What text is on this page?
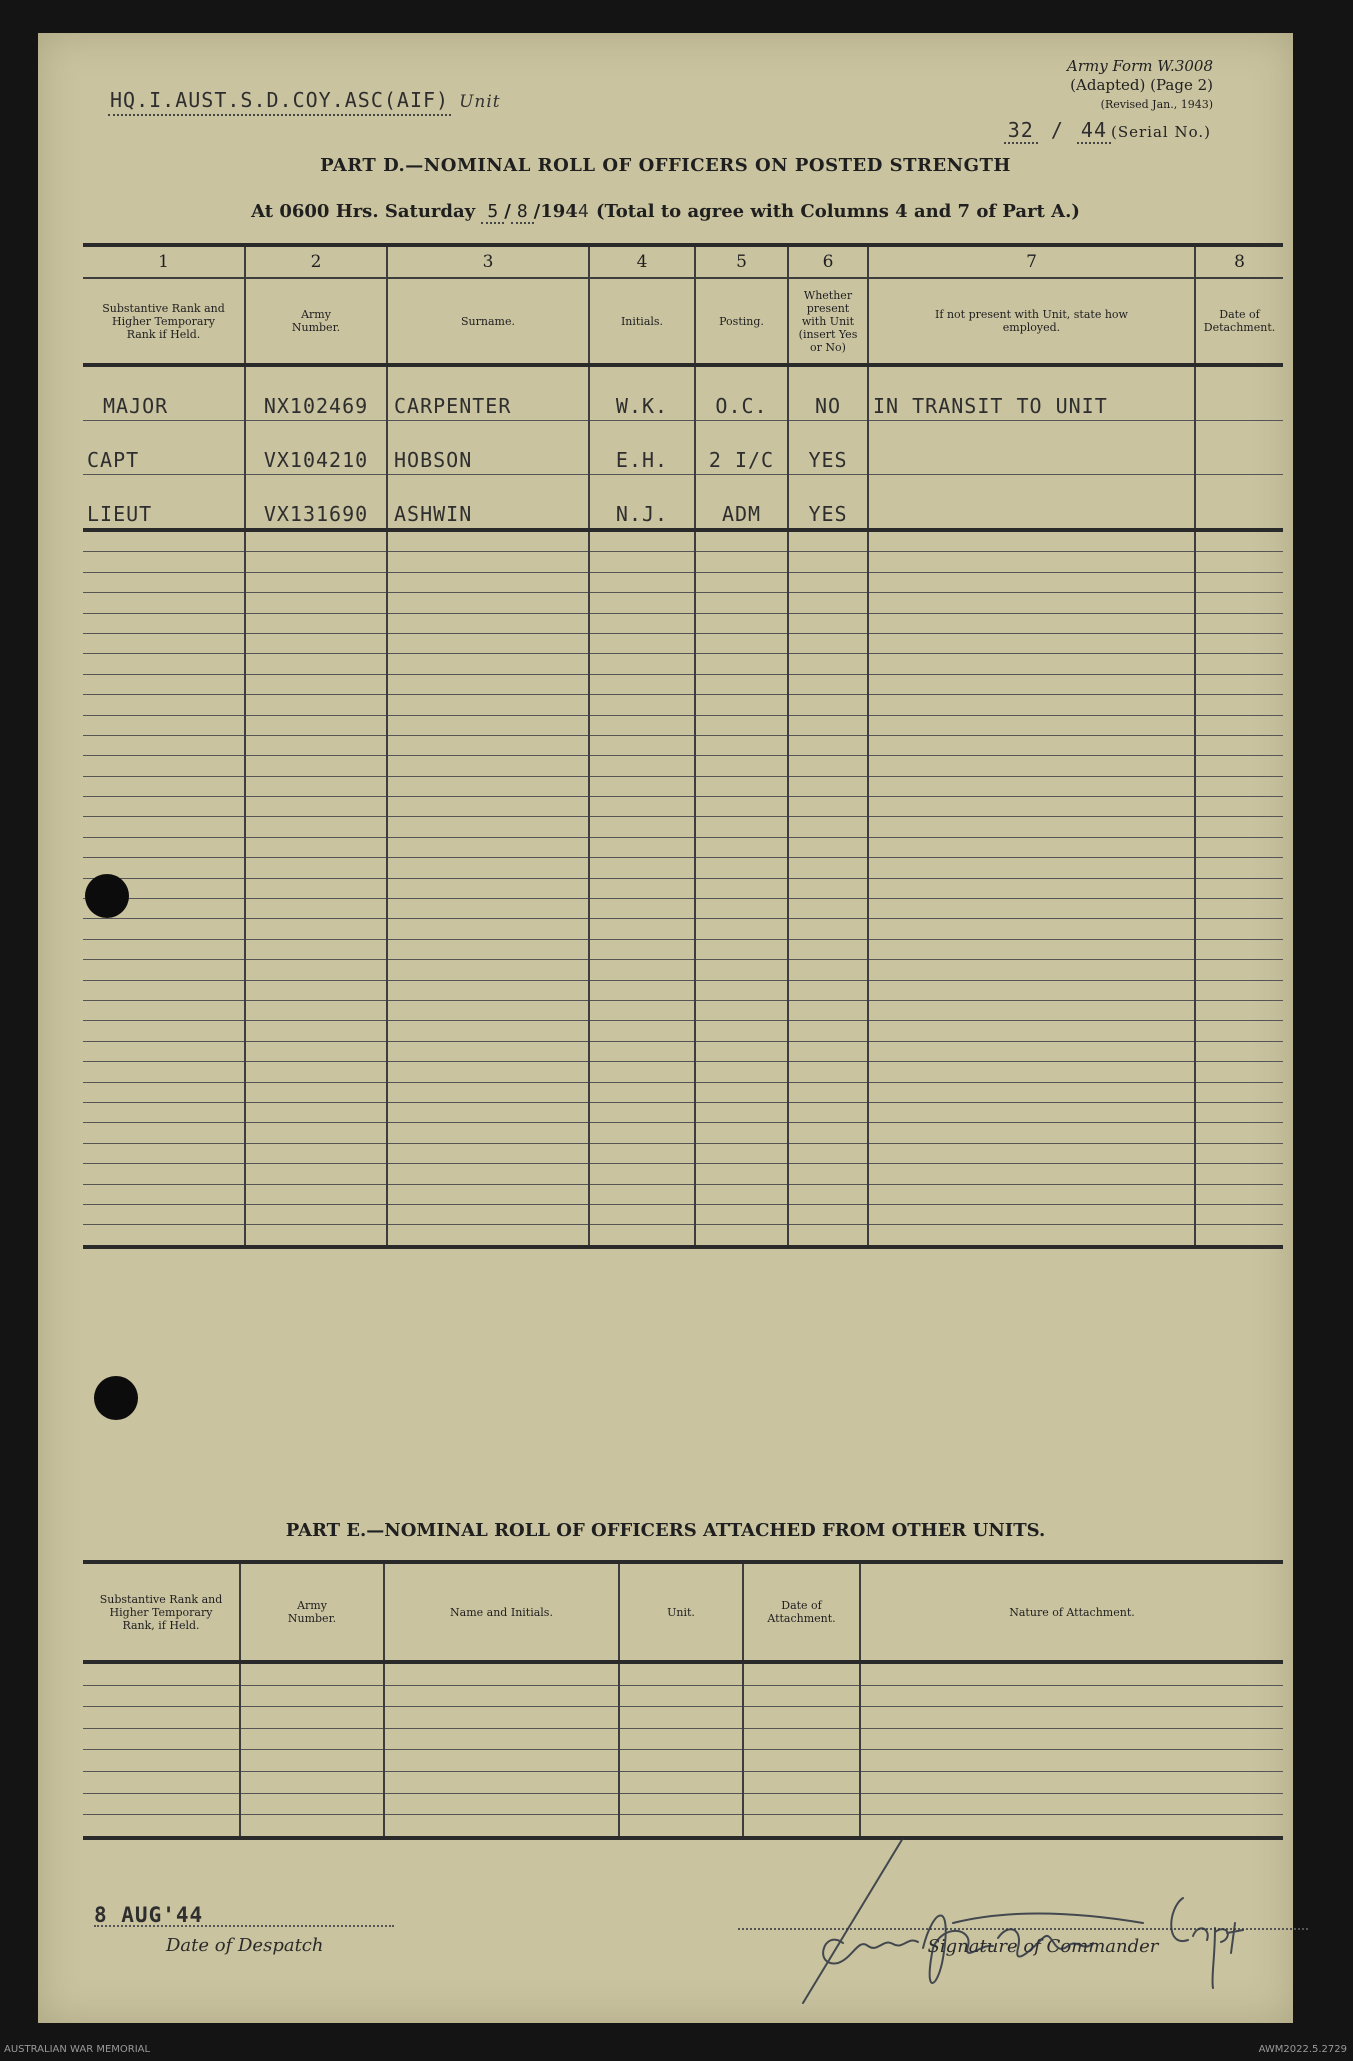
Army Form W.3008
(Adapted) (Page 2)
(Revised Jan., 1943)
HQ.I.AUST.S.D.COY.ASC(AIF) Unit
32 / 44 (Serial No.)
PART D.—NOMINAL ROLL OF OFFICERS ON POSTED STRENGTH
At 0600 Hrs. Saturday 5 / 8 /1944 (Total to agree with Columns 4 and 7 of Part A.)
1	2	3	4	5	6	7	8
Substantive Rank and Higher Temporary Rank if Held.	Army Number.	Surname.	Initials.	Posting.	Whether present with Unit (insert Yes or No)	If not present with Unit, state how employed.	Date of Detachment.
MAJOR	NX102469	CARPENTER	W.K.	O.C.	NO	IN TRANSIT TO UNIT	
CAPT	VX104210	HOBSON	E.H.	2 I/C	YES		
LIEUT	VX131690	ASHWIN	N.J.	ADM	YES		

PART E.—NOMINAL ROLL OF OFFICERS ATTACHED FROM OTHER UNITS.
Substantive Rank and Higher Temporary Rank, if Held.	Army Number.	Name and Initials.	Unit.	Date of Attachment.	Nature of Attachment.

8 AUG'44
Date of Despatch	Signature of Commander
AUSTRALIAN WAR MEMORIAL	AWM2022.5.2729
